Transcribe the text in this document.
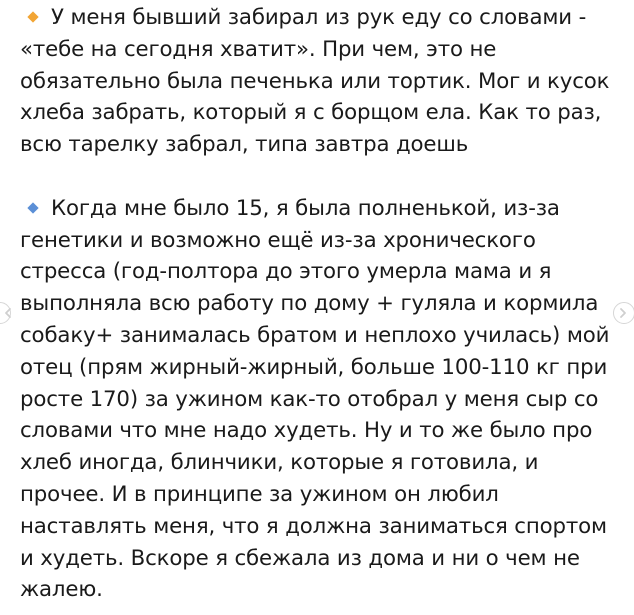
У меня бывший забирал из рук еду со словами - «тебе на сегодня хватит». При чем, это не обязательно была печенька или тортик. Мог и кусок хлеба забрать, который я с борщом ела. Как то раз, всю тарелку забрал, типа завтра доешь

Когда мне было 15, я была полненькой, из-за генетики и возможно ещё из-за хронического стресса (год-полтора до этого умерла мама и я выполняла всю работу по дому + гуляла и кормила собаку+ занималась братом и неплохо училась) мой отец (прям жирный-жирный, больше 100-110 кг при росте 170) за ужином как-то отобрал у меня сыр со словами что мне надо худеть. Ну и то же было про хлеб иногда, блинчики, которые я готовила, и прочее. И в принципе за ужином он любил наставлять меня, что я должна заниматься спортом и худеть. Вскоре я сбежала из дома и ни о чем не жалею.
